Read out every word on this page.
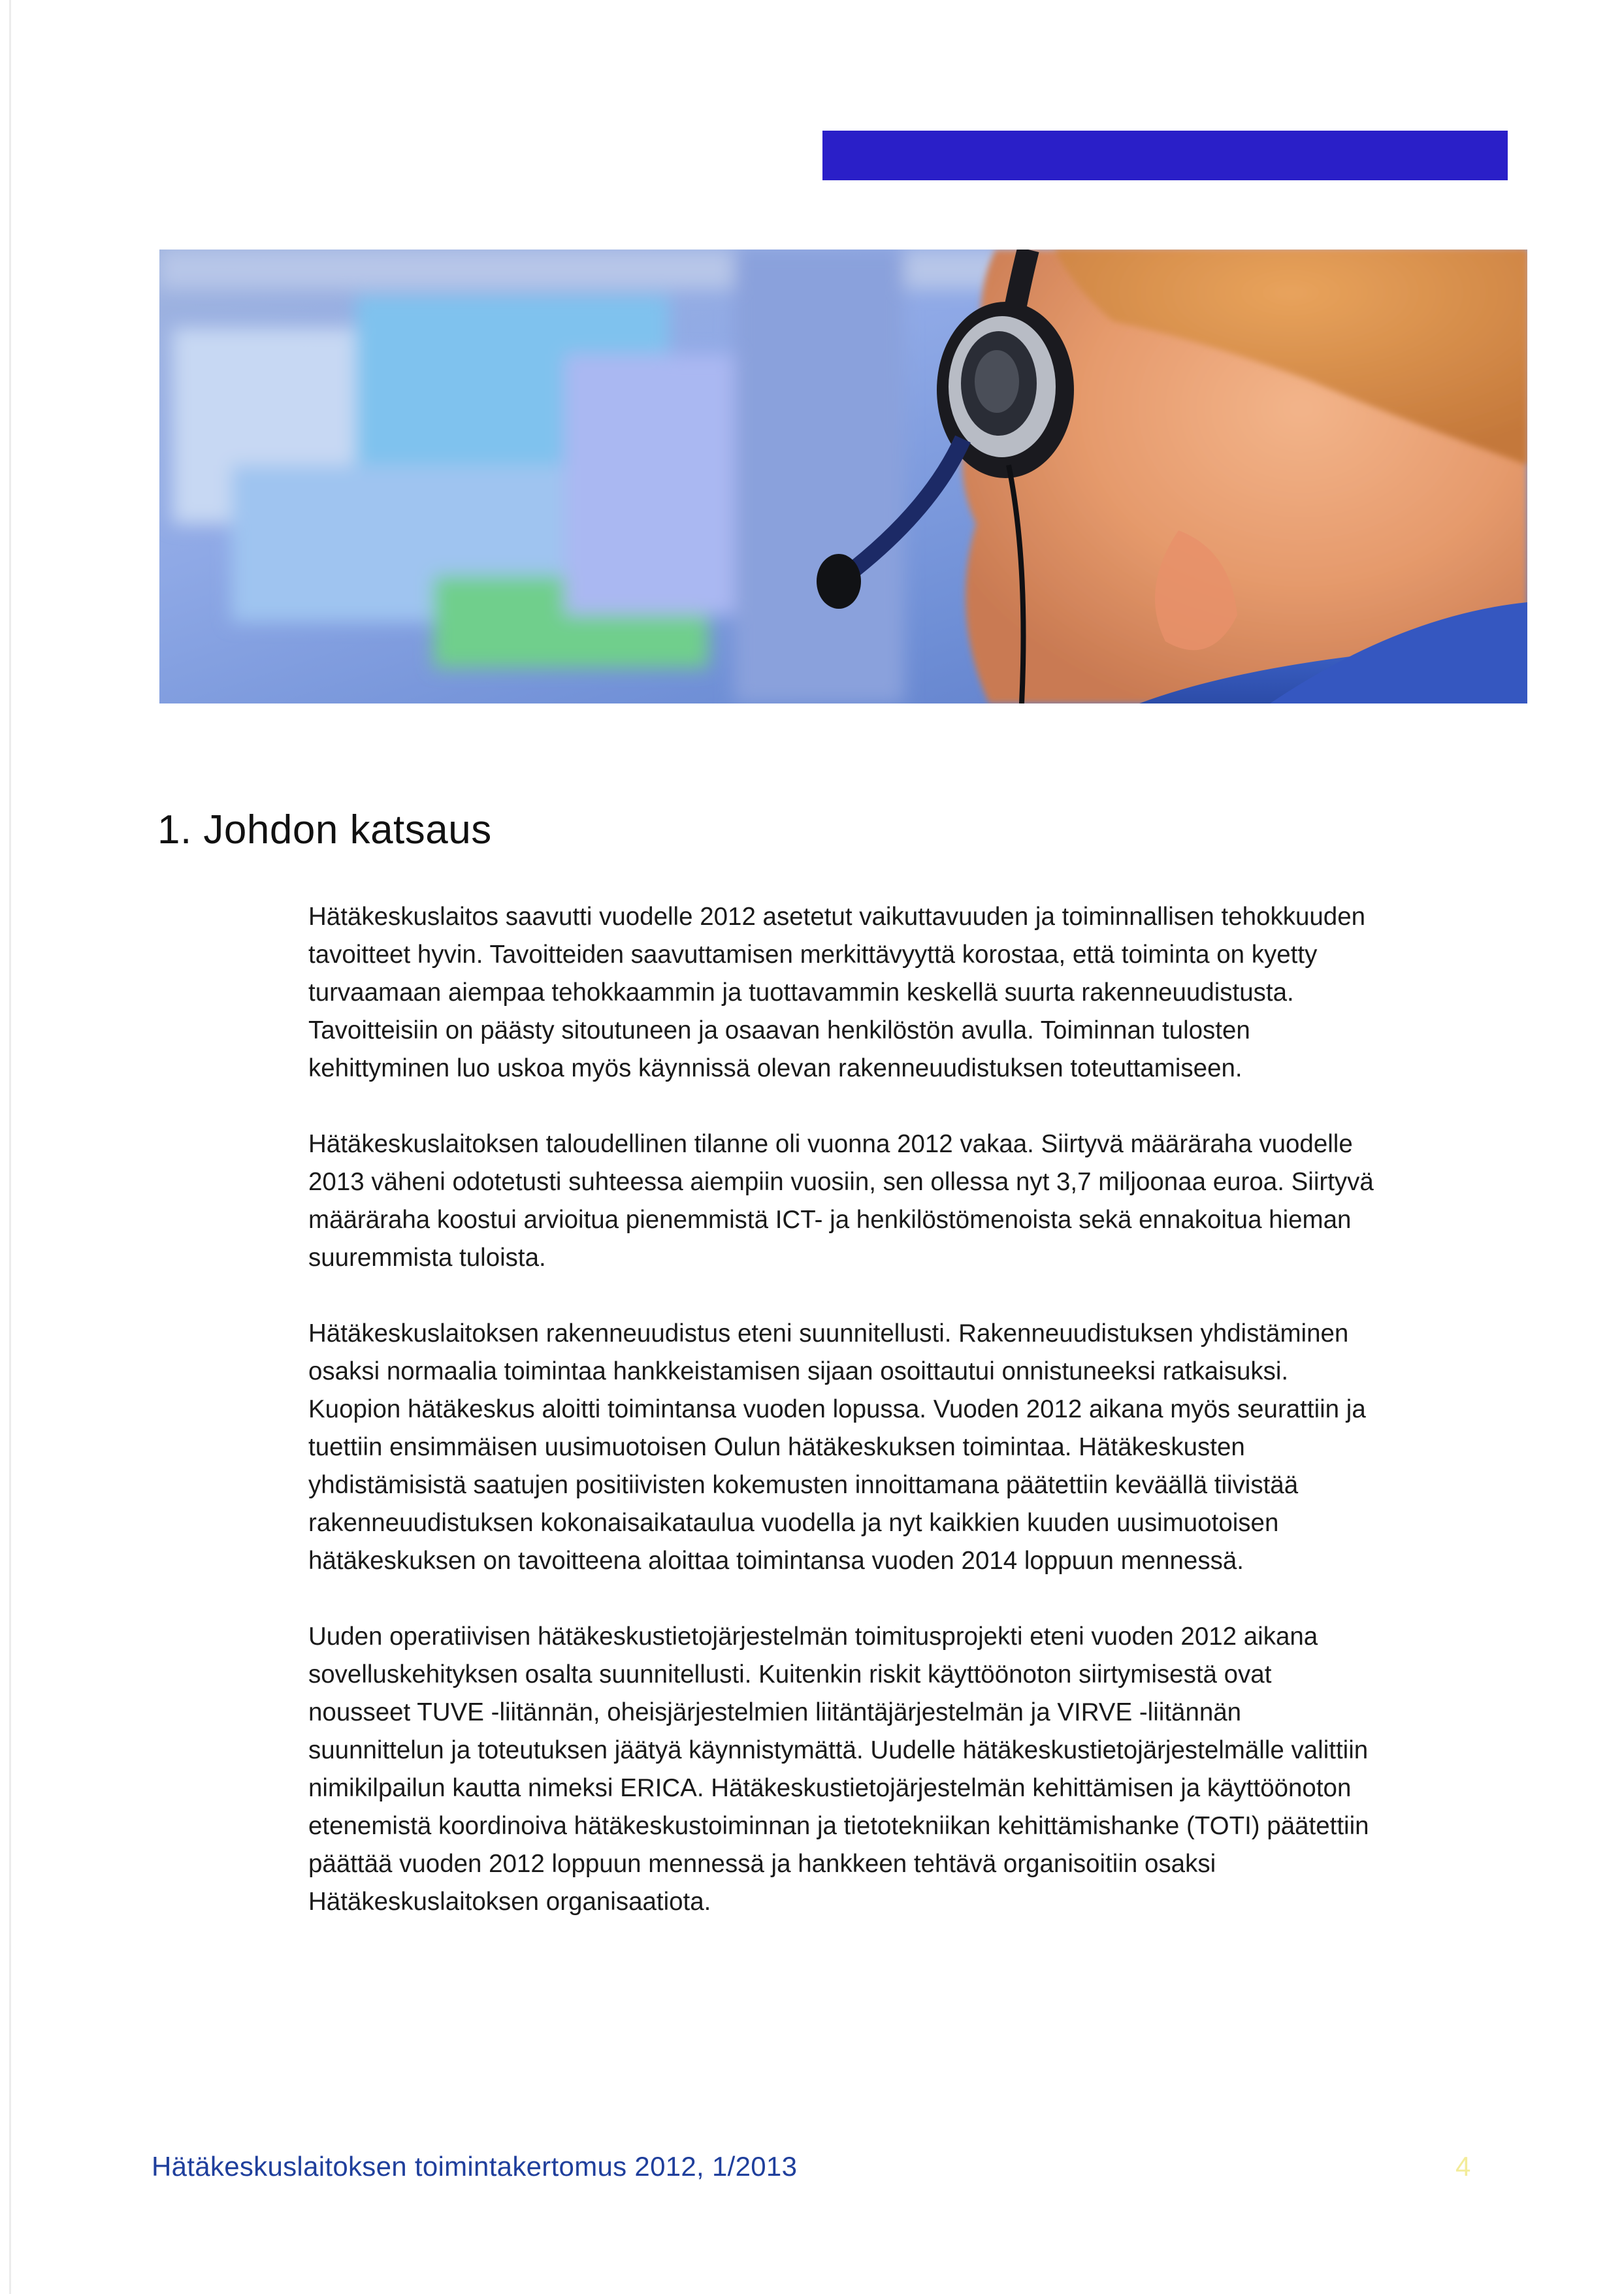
1. Johdon katsaus

Hätäkeskuslaitos saavutti vuodelle 2012 asetetut vaikuttavuuden ja toiminnallisen tehokkuuden
tavoitteet hyvin. Tavoitteiden saavuttamisen merkittävyyttä korostaa, että toiminta on kyetty
turvaamaan aiempaa tehokkaammin ja tuottavammin keskellä suurta rakenneuudistusta.
Tavoitteisiin on päästy sitoutuneen ja osaavan henkilöstön avulla. Toiminnan tulosten
kehittyminen luo uskoa myös käynnissä olevan rakenneuudistuksen toteuttamiseen.

Hätäkeskuslaitoksen taloudellinen tilanne oli vuonna 2012 vakaa. Siirtyvä määräraha vuodelle
2013 väheni odotetusti suhteessa aiempiin vuosiin, sen ollessa nyt 3,7 miljoonaa euroa. Siirtyvä
määräraha koostui arvioitua pienemmistä ICT- ja henkilöstömenoista sekä ennakoitua hieman
suuremmista tuloista.

Hätäkeskuslaitoksen rakenneuudistus eteni suunnitellusti. Rakenneuudistuksen yhdistäminen
osaksi normaalia toimintaa hankkeistamisen sijaan osoittautui onnistuneeksi ratkaisuksi.
Kuopion hätäkeskus aloitti toimintansa vuoden lopussa. Vuoden 2012 aikana myös seurattiin ja
tuettiin ensimmäisen uusimuotoisen Oulun hätäkeskuksen toimintaa. Hätäkeskusten
yhdistämisistä saatujen positiivisten kokemusten innoittamana päätettiin keväällä tiivistää
rakenneuudistuksen kokonaisaikataulua vuodella ja nyt kaikkien kuuden uusimuotoisen
hätäkeskuksen on tavoitteena aloittaa toimintansa vuoden 2014 loppuun mennessä.

Uuden operatiivisen hätäkeskustietojärjestelmän toimitusprojekti eteni vuoden 2012 aikana
sovelluskehityksen osalta suunnitellusti. Kuitenkin riskit käyttöönoton siirtymisestä ovat
nousseet TUVE -liitännän, oheisjärjestelmien liitäntäjärjestelmän ja VIRVE -liitännän
suunnittelun ja toteutuksen jäätyä käynnistymättä. Uudelle hätäkeskustietojärjestelmälle valittiin
nimikilpailun kautta nimeksi ERICA. Hätäkeskustietojärjestelmän kehittämisen ja käyttöönoton
etenemistä koordinoiva hätäkeskustoiminnan ja tietotekniikan kehittämishanke (TOTI) päätettiin
päättää vuoden 2012 loppuun mennessä ja hankkeen tehtävä organisoitiin osaksi
Hätäkeskuslaitoksen organisaatiota.

Hätäkeskuslaitoksen toimintakertomus 2012, 1/2013	4
